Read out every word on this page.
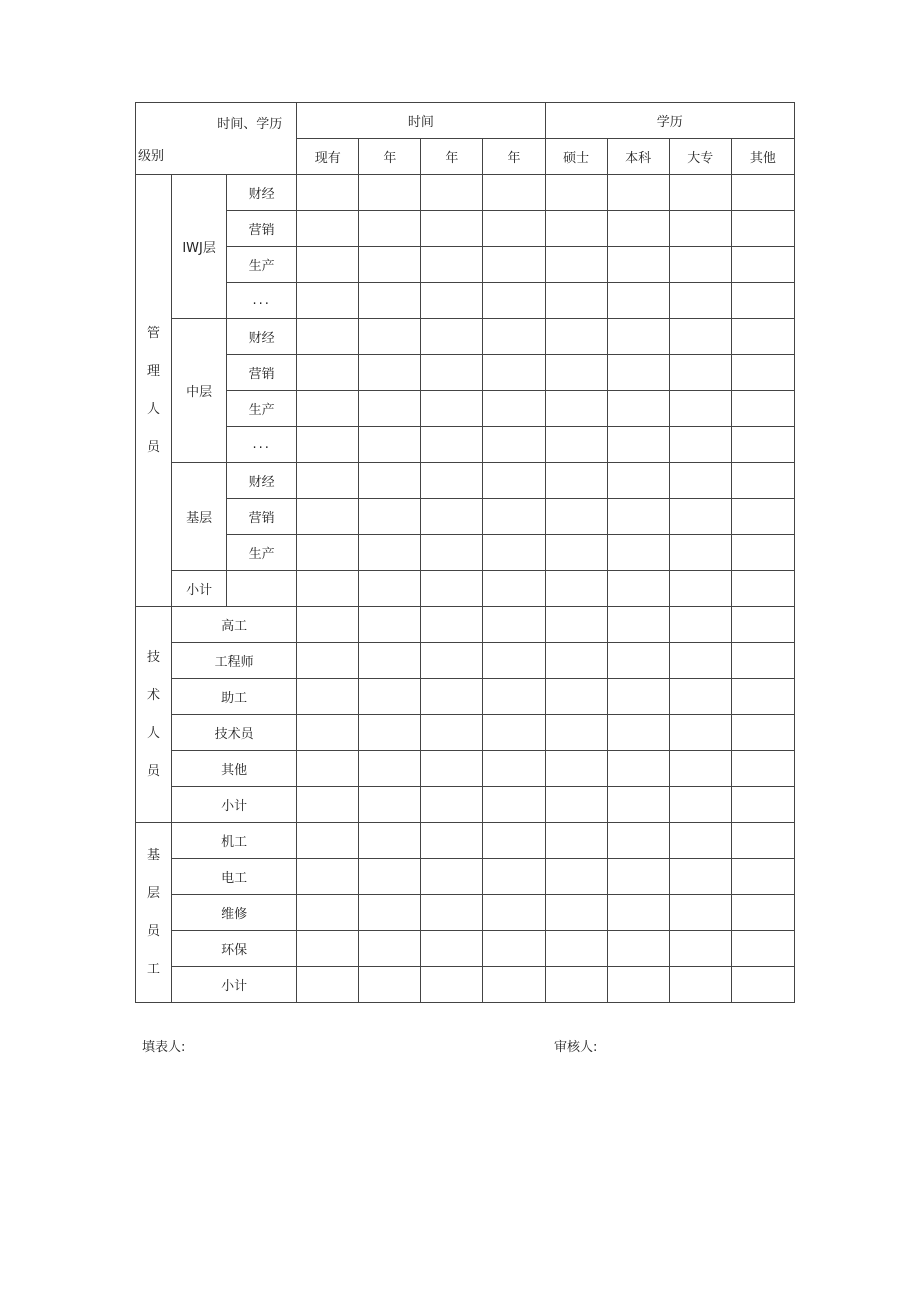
时间、学历
级别			时间				学历			
			现有	年	年	年	硕士	本科	大专	其他

管
理
人
员	IWJ层	财经								
		营销								
		生产								
		...								
	中层	财经								
		营销								
		生产								
		...								
	基层	财经								
		营销								
		生产								
	小计									

技
术
人
员	高工									
	工程师									
	助工									
	技术员									
	其他									
	小计									

基
层
员
工	机工									
	电工									
	维修									
	环保									
	小计									
填表人:	审核人:
